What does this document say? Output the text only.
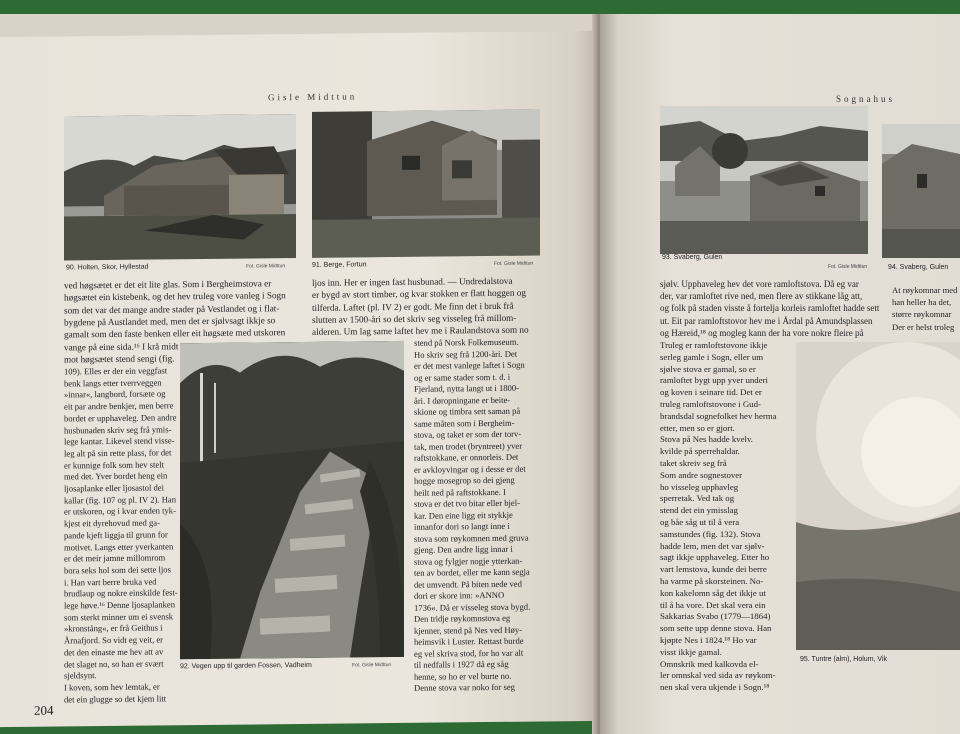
Gisle Midttun
90. Holten, Skor, Hyllestad	Fot. Gisle Midttun	91. Berge, Fortun	Fot. Gisle Midttun
ved høgsætet er det eit lite glas. Som i Bergheimstova er
høgsætet ein kistebenk, og det hev truleg vore vanleg i Sogn
som det var det mange andre stader på Vestlandet og i flat-
bygdene på Austlandet med, men det er sjølvsagt ikkje so
gamalt som den faste benken eller eit høgsæte med utskoren
vange på eine sida.¹⁶ I krå midt
mot høgsætet stend sengi (fig.
109). Elles er der ein veggfast
benk langs etter tverrveggen
»innar«, langbord, forsæte og
eit par andre benkjer, men berre
bordet er upphaveleg. Den andre
husbunaden skriv seg frå ymis-
lege kantar. Likevel stend visse-
leg alt på sin rette plass, for det
er kunnige folk som hev stelt
med det. Yver bordet heng ein
ljosaplanke eller ljosastol dei
kallar (fig. 107 og pl. IV 2). Han
er utskoren, og i kvar enden tyk-
kjest eit dyrehovud med ga-
pande kjeft liggja til grunn for
motivet. Langs etter yverkanten
er det meir jamne millomrom
bora seks hol som dei sette ljos
i. Han vart berre bruka ved
brudlaup og nokre einskilde fest-
lege høve.¹⁶ Denne ljosaplanken
som sterkt minner um ei svensk
»kronstång«, er frå Geithus i
Årnafjord. So vidt eg veit, er
det den einaste me hev att av
det slaget no, so han er svært
sjeldsynt.
I koven, som hev lemtak, er
det ein glugge so det kjem litt
92. Vegen upp til garden Fossen, Vadheim	Fot. Gisle Midttun
ljos inn. Her er ingen fast husbunad. — Undredalstova
er bygd av stort timber, og kvar stokken er flatt hoggen og
tilferda. Laftet (pl. IV 2) er godt. Me finn det i bruk frå
slutten av 1500-åri so det skriv seg visseleg frå millom-
alderen. Um lag same laftet hev me i Raulandstova som no
stend på Norsk Folkemuseum.
Ho skriv seg frå 1200-åri. Det
er det mest vanlege laftet i Sogn
og er same stader som t. d. i
Fjerland, nytta langt ut i 1800-
åri. I døropningane er beite-
skione og timbra sett saman på
same måten som i Bergheim-
stova, og taket er som der torv-
tak, men trodet (bryntreet) yver
raftstokkane, er onnorleis. Det
er avkloyvingar og i desse er det
hogge mosegrop so dei gjeng
heilt ned på raftstokkane. I
stova er det tvo bitar eller bjel-
kar. Den eine ligg eit stykkje
innanfor dori so langt inne i
stova som røykomnen med gruva
gjeng. Den andre ligg innar i
stova og fylgjer nogje ytterkan-
ten av bordet, eller me kann segja
det umvendt. På biten nede ved
dori er skore inn: »ANNO
1736«. Då er visseleg stova bygd.
Den tridje røykomnstova eg
kjenner, stend på Nes ved Høy-
heimsvik i Luster. Rettast burde
eg vel skriva stod, for ho var alt
til nedfalls i 1927 då eg såg
henne, so ho er vel burte no.
Denne stova var noko for seg
204
Sognahus
93. Svaberg, Gulen
Fot. Gisle Midttun	94. Svaberg, Gulen
sjølv. Upphaveleg hev det vore ramloftstova. Då eg var
der, var ramloftet rive ned, men flere av stikkane låg att,
og folk på staden visste å fortelja korleis ramloftet hadde sett
ut. Eit par ramloftstovor hev me i Årdal på Amundsplassen
og Hæreid,¹⁸ og mogleg kann der ha vore nokre fleire på
At røykomnar med
han heller ha det,
større røykomnar
Der er helst troleg
Truleg er ramloftstovone ikkje
serleg gamle i Sogn, eller um
sjølve stova er gamal, so er
ramloftet bygt upp yver underi
og koven i seinare tid. Det er
truleg ramloftstovone i Gud-
brandsdal sognefolket hev herma
etter, men so er gjort.
Stova på Nes hadde kvelv.
kvilde på sperrehaldar.
taket skreiv seg frå
Som andre sognestover
ho visseleg upphavleg
sperretak. Ved tak og
stend det ein ymisslag
og båe såg ut til å vera
samstundes (fig. 132). Stova
hadde lem, men det var sjølv-
sagt ikkje upphaveleg. Etter ho
vart lemstova, kunde dei berre
ha varme på skorsteinen. No-
kon kakelomn såg det ikkje ut
til å ha vore. Det skal vera ein
Sakkarias Svabo (1779—1864)
som sette upp denne stova. Han
kjøpte Nes i 1824.¹⁸ Ho var
visst ikkje gamal.
Omnskrik med kalkovda el-
ler omnskal ved sida av røykom-
nen skal vera ukjende i Sogn.¹⁸
95. Tuntre (alm), Holum, Vik
